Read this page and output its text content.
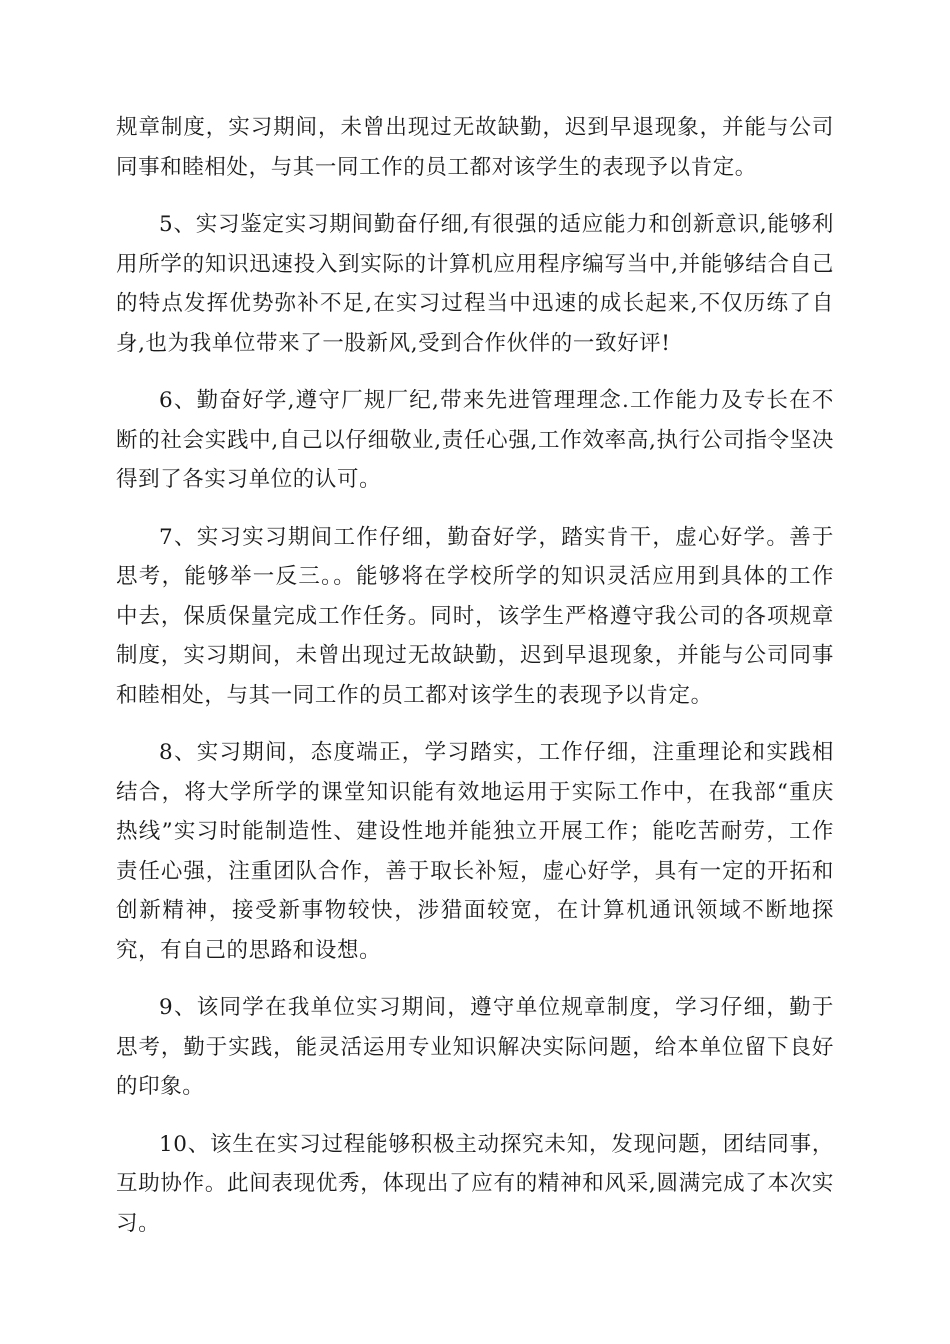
规章制度，实习期间，未曾出现过无故缺勤，迟到早退现象，并能与公司同事和睦相处，与其一同工作的员工都对该学生的表现予以肯定。

5、实习鉴定实习期间勤奋仔细,有很强的适应能力和创新意识,能够利用所学的知识迅速投入到实际的计算机应用程序编写当中,并能够结合自己的特点发挥优势弥补不足,在实习过程当中迅速的成长起来,不仅历练了自身,也为我单位带来了一股新风,受到合作伙伴的一致好评!

6、勤奋好学,遵守厂规厂纪,带来先进管理理念.工作能力及专长在不断的社会实践中,自己以仔细敬业,责任心强,工作效率高,执行公司指令坚决得到了各实习单位的认可。

7、实习实习期间工作仔细，勤奋好学，踏实肯干，虚心好学。善于思考，能够举一反三。。能够将在学校所学的知识灵活应用到具体的工作中去，保质保量完成工作任务。同时，该学生严格遵守我公司的各项规章制度，实习期间，未曾出现过无故缺勤，迟到早退现象，并能与公司同事和睦相处，与其一同工作的员工都对该学生的表现予以肯定。

8、实习期间，态度端正，学习踏实，工作仔细，注重理论和实践相结合，将大学所学的课堂知识能有效地运用于实际工作中，在我部“重庆热线”实习时能制造性、建设性地并能独立开展工作；能吃苦耐劳，工作责任心强，注重团队合作，善于取长补短，虚心好学，具有一定的开拓和创新精神，接受新事物较快，涉猎面较宽，在计算机通讯领域不断地探究，有自己的思路和设想。

9、该同学在我单位实习期间，遵守单位规章制度，学习仔细，勤于思考，勤于实践，能灵活运用专业知识解决实际问题，给本单位留下良好的印象。

10、该生在实习过程能够积极主动探究未知，发现问题，团结同事，互助协作。此间表现优秀，体现出了应有的精神和风采,圆满完成了本次实习。
